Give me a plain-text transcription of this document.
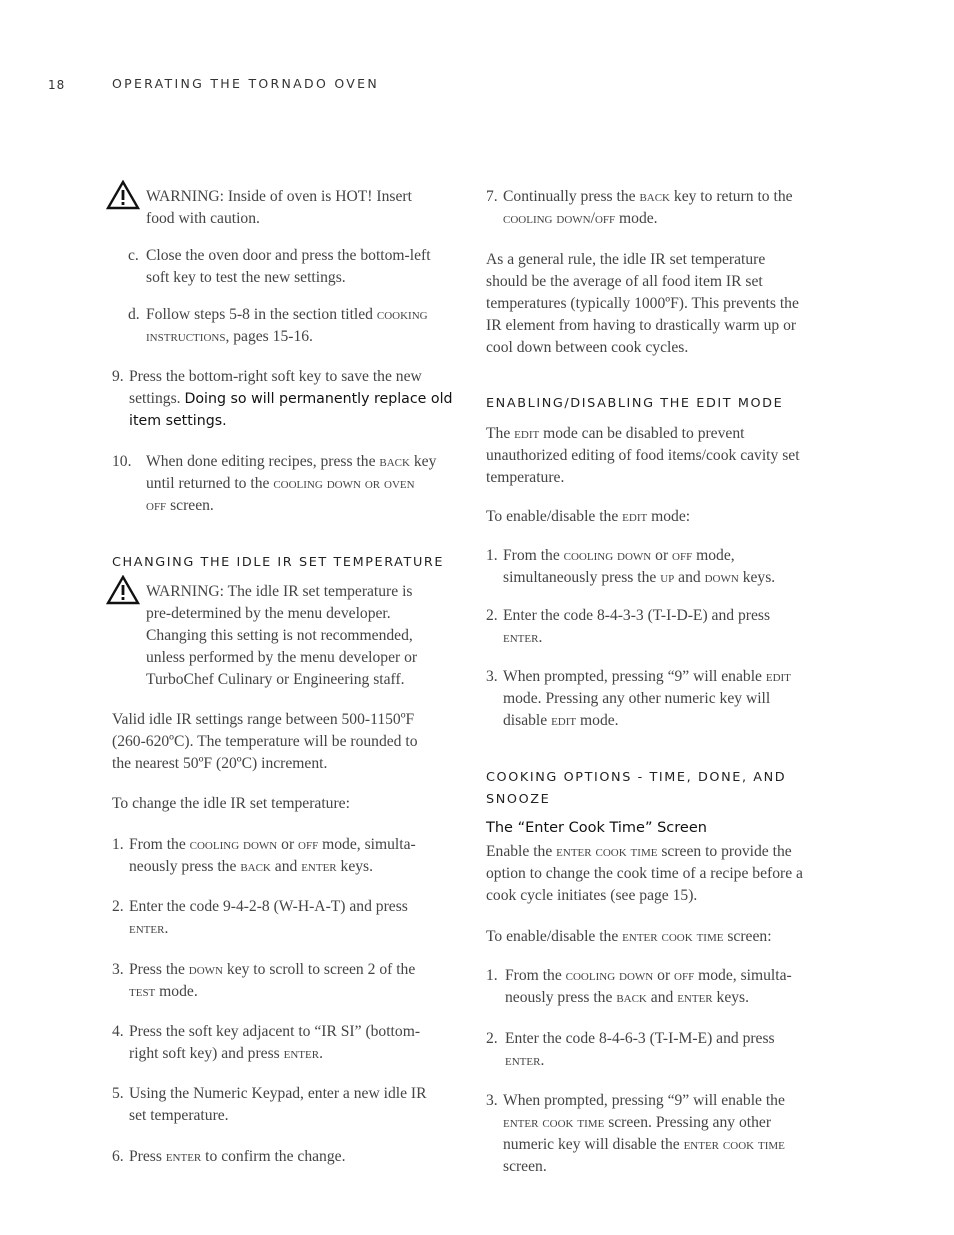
18	OPERATING THE TORNADO OVEN
WARNING: Inside of oven is HOT! Insert
food with caution.
c. Close the oven door and press the bottom-left
soft key to test the new settings.
d. Follow steps 5-8 in the section titled cooking
instructions, pages 15-16.
9. Press the bottom-right soft key to save the new
settings. Doing so will permanently replace old
item settings.
10. When done editing recipes, press the back key
until returned to the cooling down or oven
off screen.
CHANGING THE IDLE IR SET TEMPERATURE
WARNING: The idle IR set temperature is
pre-determined by the menu developer.
Changing this setting is not recommended,
unless performed by the menu developer or
TurboChef Culinary or Engineering staff.
Valid idle IR settings range between 500-1150ºF
(260-620ºC). The temperature will be rounded to
the nearest 50ºF (20ºC) increment.
To change the idle IR set temperature:
1. From the cooling down or off mode, simulta-
neously press the back and enter keys.
2. Enter the code 9-4-2-8 (W-H-A-T) and press
enter.
3. Press the down key to scroll to screen 2 of the
test mode.
4. Press the soft key adjacent to “IR SI” (bottom-
right soft key) and press enter.
5. Using the Numeric Keypad, enter a new idle IR
set temperature.
6. Press enter to confirm the change.
7. Continually press the back key to return to the
cooling down/off mode.
As a general rule, the idle IR set temperature
should be the average of all food item IR set
temperatures (typically 1000ºF). This prevents the
IR element from having to drastically warm up or
cool down between cook cycles.
ENABLING/DISABLING THE EDIT MODE
The edit mode can be disabled to prevent
unauthorized editing of food items/cook cavity set
temperature.
To enable/disable the edit mode:
1. From the cooling down or off mode,
simultaneously press the up and down keys.
2. Enter the code 8-4-3-3 (T-I-D-E) and press
enter.
3. When prompted, pressing “9” will enable edit
mode. Pressing any other numeric key will
disable edit mode.
COOKING OPTIONS - TIME, DONE, AND
SNOOZE
The “Enter Cook Time” Screen
Enable the enter cook time screen to provide the
option to change the cook time of a recipe before a
cook cycle initiates (see page 15).
To enable/disable the enter cook time screen:
1. From the cooling down or off mode, simulta-
neously press the back and enter keys.
2. Enter the code 8-4-6-3 (T-I-M-E) and press
enter.
3. When prompted, pressing “9” will enable the
enter cook time screen. Pressing any other
numeric key will disable the enter cook time
screen.
